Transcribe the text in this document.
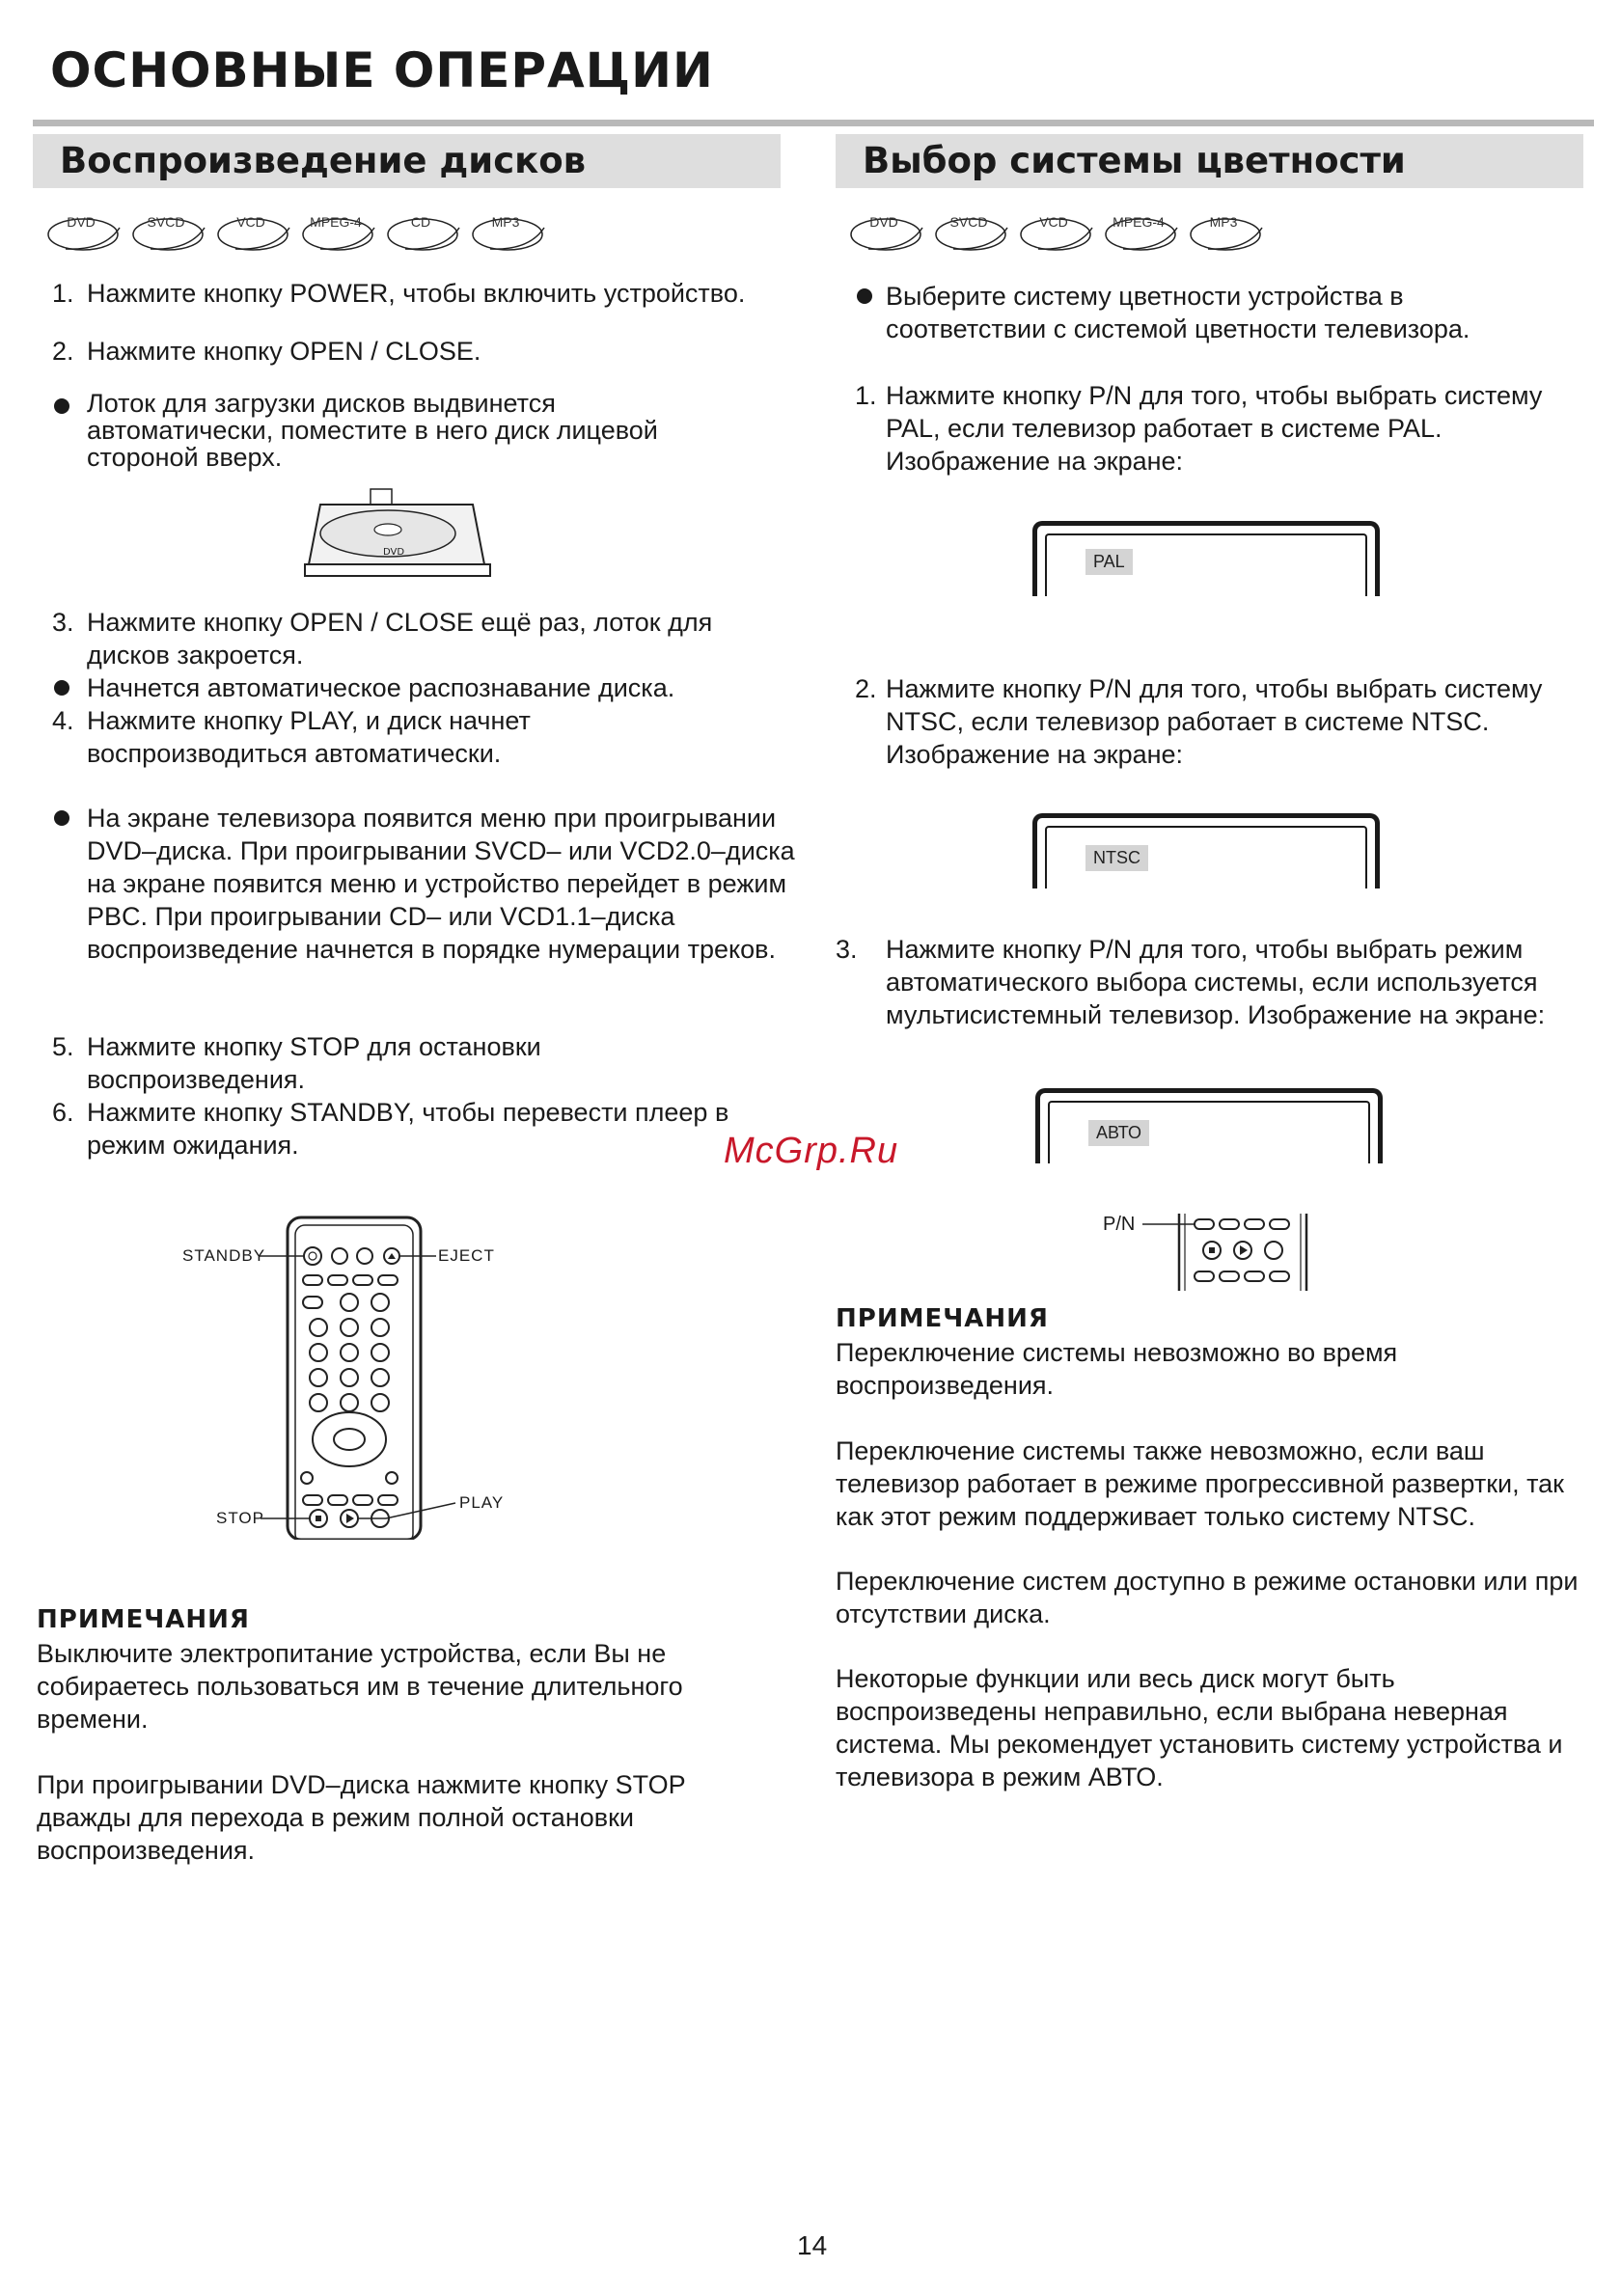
ОСНОВНЫЕ ОПЕРАЦИИ
Воспроизведение дисков	Выбор системы цветности
DVD	SVCD	VCD	MPEG-4	CD	MP3	DVD	SVCD	VCD	MPEG-4	MP3
1. Нажмите кнопку POWER, чтобы включить устройство.
2. Нажмите кнопку OPEN / CLOSE.
Лоток для загрузки дисков выдвинется автоматически, поместите в него диск лицевой стороной вверх.
DVD
3. Нажмите кнопку OPEN / CLOSE ещё раз, лоток для дисков закроется.
Начнется автоматическое распознавание диска.
4. Нажмите кнопку PLAY, и диск начнет воспроизводиться автоматически.
На экране телевизора появится меню при проигрывании DVD–диска. При проигрывании SVCD– или VCD2.0–диска на экране появится меню и устройство перейдет в режим PBC. При проигрывании CD– или VCD1.1–диска воспроизведение начнется в порядке нумерации треков.
5. Нажмите кнопку STOP для остановки воспроизведения.
6. Нажмите кнопку STANDBY, чтобы перевести плеер в режим ожидания.	McGrp.Ru
STANDBY	EJECT
STOP
PLAY
ПРИМЕЧАНИЯ
Выключите электропитание устройства, если Вы не собираетесь пользоваться им в течение длительного времени.
При проигрывании DVD–диска нажмите кнопку STOP дважды для перехода в режим полной остановки воспроизведения.
Выберите систему цветности устройства в соответствии с системой цветности телевизора.
1. Нажмите кнопку P/N для того, чтобы выбрать систему PAL, если телевизор работает в системе PAL. Изображение на экране:
PAL
2. Нажмите кнопку P/N для того, чтобы выбрать систему NTSC, если телевизор работает в системе NTSC. Изображение на экране:
NTSC
3. Нажмите кнопку P/N для того, чтобы выбрать режим автоматического выбора системы, если используется мультисистемный телевизор. Изображение на экране:
АВТО
P/N
ПРИМЕЧАНИЯ
Переключение системы невозможно во время воспроизведения.
Переключение системы также невозможно, если ваш телевизор работает в режиме прогрессивной развертки, так как этот режим поддерживает только систему NTSC.
Переключение систем доступно в режиме остановки или при отсутствии диска.
Некоторые функции или весь диск могут быть воспроизведены неправильно, если выбрана неверная система. Мы рекомендует установить систему устройства и телевизора в режим АВТО.
14
